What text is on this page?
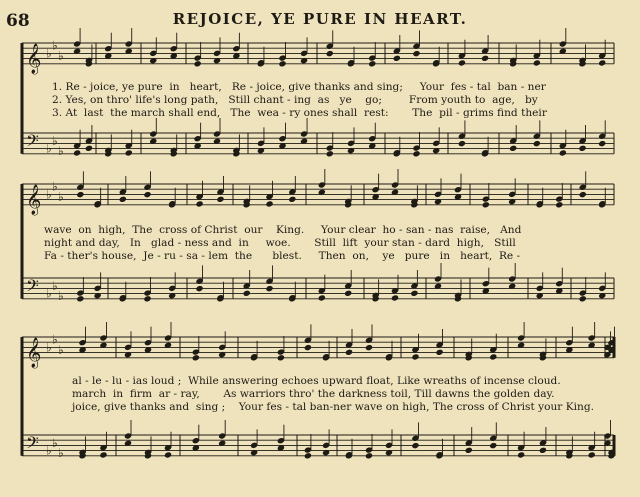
68	REJOICE, YE PURE IN HEART.
𝄞 ♭
♭
♭
𝄢 ♭
♭
♭
𝄞 ♭
♭
♭
𝄢 ♭
♭
♭
𝄞 ♭
♭
♭
𝄢 ♭
♭
♭
1. Re - joice, ye pure  in   heart,   Re - joice, give thanks and sing;     Your  fes - tal  ban - ner
2. Yes, on thro' life's long path,   Still chant - ing  as   ye    go;        From youth to  age,   by
3. At  last  the march shall end,   The  wea - ry ones shall  rest:       The  pil - grims find their
wave  on  high,  The  cross of Christ  our    King.     Your clear  ho - san - nas  raise,   And
night and day,   In   glad - ness and  in     woe.       Still  lift  your stan - dard  high,   Still
Fa - ther's house,  Je - ru - sa - lem  the      blest.     Then  on,    ye   pure   in   heart,  Re -
al - le - lu - ias loud ;  While answering echoes upward float, Like wreaths of incense cloud.
march  in  firm  ar - ray,       As warriors thro' the darkness toil, Till dawns the golden day.
joice, give thanks and  sing ;    Your fes - tal ban-ner wave on high, The cross of Christ your King.
